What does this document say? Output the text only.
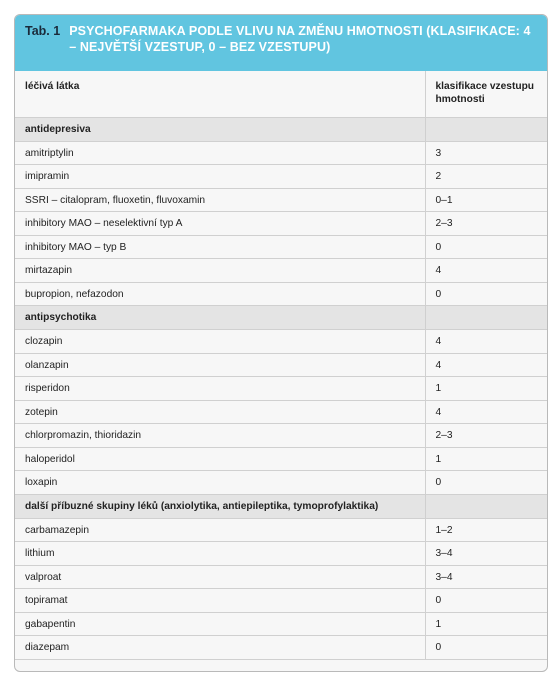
Tab. 1 PSYCHOFARMAKA PODLE VLIVU NA ZMĚNU HMOTNOSTI (KLASIFIKACE: 4 – NEJVĚTŠÍ VZESTUP, 0 – BEZ VZESTUPU)
léčivá látka	klasifikace vzestupu hmotnosti
antidepresiva	
amitriptylin	3
imipramin	2
SSRI – citalopram, fluoxetin, fluvoxamin	0–1
inhibitory MAO – neselektivní typ A	2–3
inhibitory MAO – typ B	0
mirtazapin	4
bupropion, nefazodon	0
antipsychotika	
clozapin	4
olanzapin	4
risperidon	1
zotepin	4
chlorpromazin, thioridazin	2–3
haloperidol	1
loxapin	0
další příbuzné skupiny léků (anxiolytika, antiepileptika, tymoprofylaktika)	
carbamazepin	1–2
lithium	3–4
valproat	3–4
topiramat	0
gabapentin	1
diazepam	0
